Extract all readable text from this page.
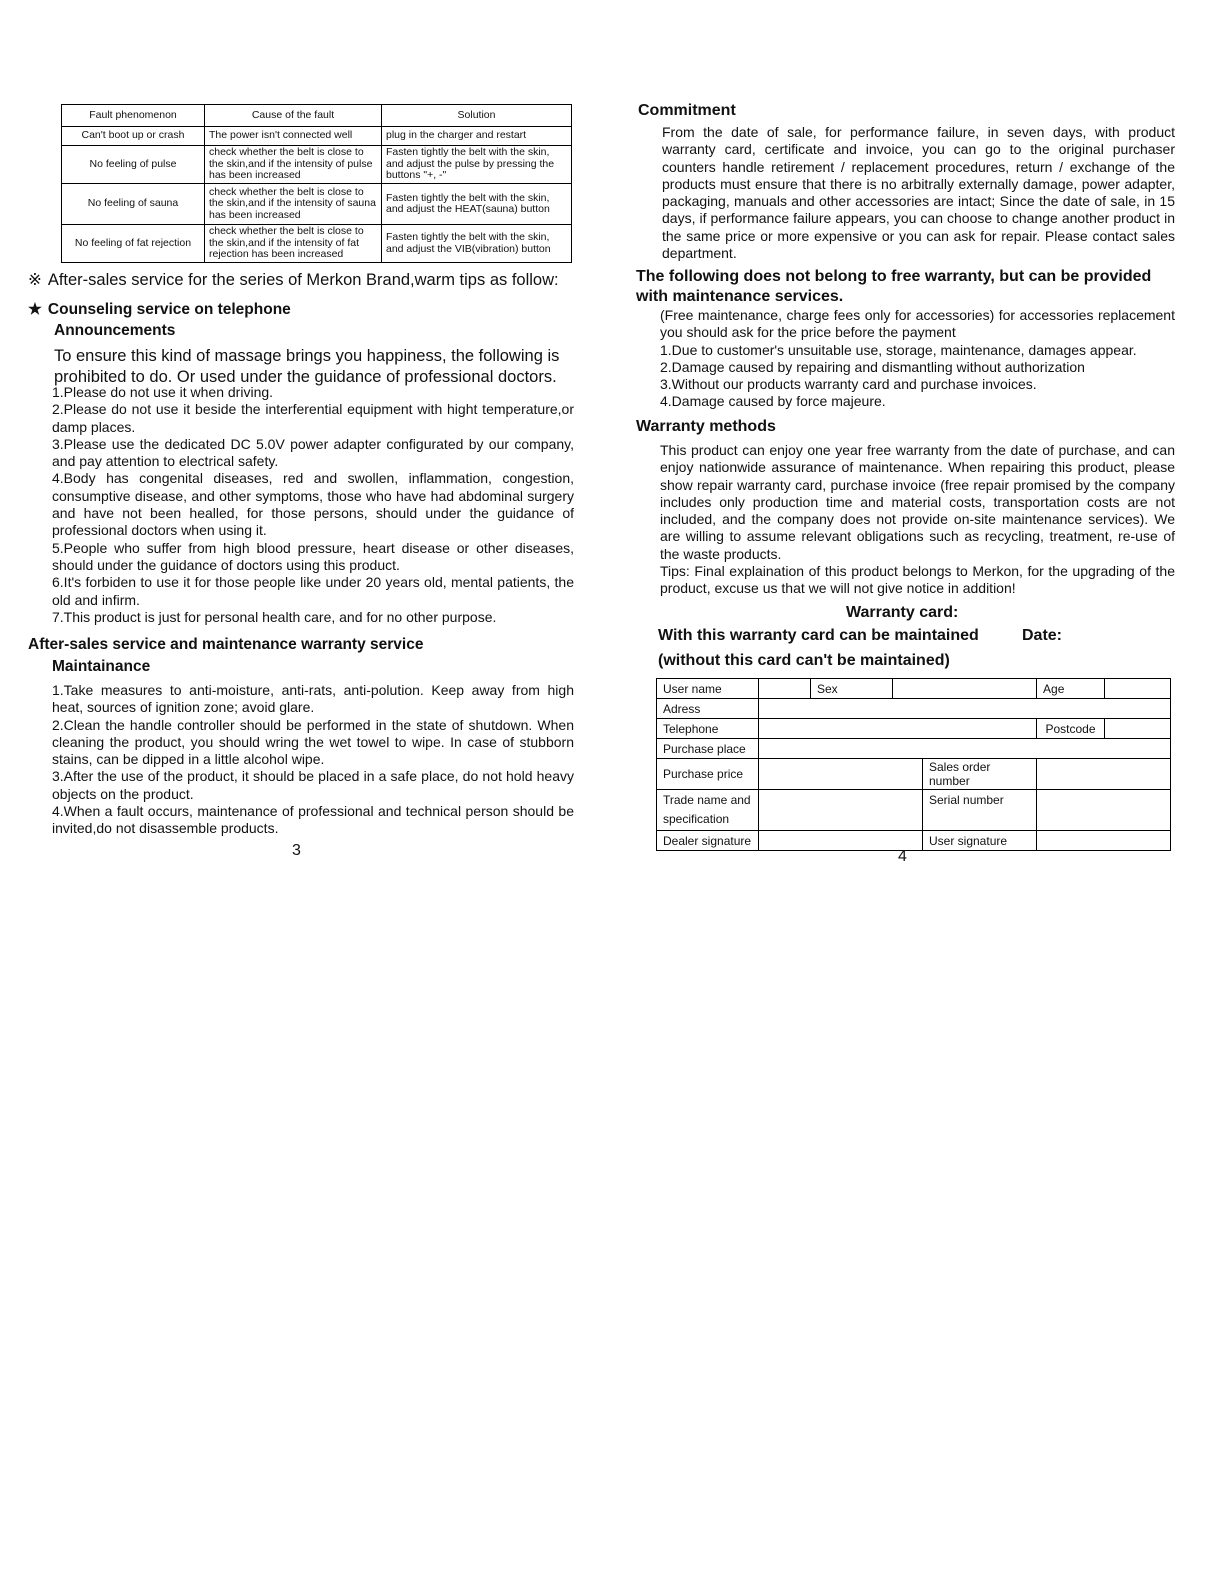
Fault phenomenon	Cause of the fault	Solution
Can't boot up or crash	The power isn't connected well	plug in the charger and restart
No feeling of pulse	check whether the belt is close to the skin,and if the intensity of pulse has been increased	Fasten tightly the belt with the skin, and adjust the pulse by pressing the buttons "+, -"
No feeling of sauna	check whether the belt is close to the skin,and if the intensity of sauna has been increased	Fasten tightly the belt with the skin, and adjust the HEAT(sauna) button
No feeling of fat rejection	check whether the belt is close to the skin,and if the intensity of fat rejection has been increased	Fasten tightly the belt with the skin, and adjust the VIB(vibration) button
※ After-sales service for the series of Merkon Brand,warm tips as follow:
★ Counseling service on telephone
Announcements
To ensure this kind of massage brings you happiness, the following is prohibited to do. Or used under the guidance of professional doctors.

1.Please do not use it when driving.

2.Please do not use it beside the interferential equipment with hight temperature,or damp places.

3.Please use the dedicated DC 5.0V power adapter configurated by our company, and pay attention to electrical safety.

4.Body has congenital diseases, red and swollen, inflammation, congestion, consumptive disease, and other symptoms, those who have had abdominal surgery and have not been healled, for those persons, should under the guidance of professional doctors when using it.

5.People who suffer from high blood pressure, heart disease or other diseases, should under the guidance of doctors using this product.

6.It's forbiden to use it for those people like under 20 years old, mental patients, the old and infirm.

7.This product is just for personal health care, and for no other purpose.

After-sales service and maintenance warranty service
Maintainance

1.Take measures to anti-moisture, anti-rats, anti-polution. Keep away from high heat, sources of ignition zone; avoid glare.

2.Clean the handle controller should be performed in the state of shutdown. When cleaning the product, you should wring the wet towel to wipe. In case of stubborn stains, can be dipped in a little alcohol wipe.

3.After the use of the product, it should be placed in a safe place, do not hold heavy objects on the product.

4.When a fault occurs, maintenance of professional and technical person should be invited,do not disassemble products.

3
Commitment
From the date of sale, for performance failure, in seven days, with product warranty card, certificate and invoice, you can go to the original purchaser counters handle retirement / replacement procedures, return / exchange of the products must ensure that there is no arbitrally externally damage, power adapter, packaging, manuals and other accessories are intact; Since the date of sale, in 15 days, if performance failure appears, you can choose to change another product in the same price or more expensive or you can ask for repair. Please contact sales department.
The following does not belong to free warranty, but can be provided with maintenance services.

(Free maintenance, charge fees only for accessories) for accessories replacement you should ask for the price before the payment

1.Due to customer's unsuitable use, storage, maintenance, damages appear.

2.Damage caused by repairing and dismantling without authorization

3.Without our products warranty card and purchase invoices.

4.Damage caused by force majeure.

Warranty methods

This product can enjoy one year free warranty from the date of purchase, and can enjoy nationwide assurance of maintenance. When repairing this product, please show repair warranty card, purchase invoice (free repair promised by the company includes only production time and material costs, transportation costs are not included, and the company does not provide on-site maintenance services). We are willing to assume relevant obligations such as recycling, treatment, re-use of the waste products.

Tips: Final explaination of this product belongs to Merkon, for the upgrading of the product, excuse us that we will not give notice in addition!

Warranty card:
With this warranty card can be maintained	Date:
(without this card can't be maintained)
User name		Sex			Age	
Adress						
Telephone					Postcode	
Purchase place						
Purchase price				Sales order number		
Trade name and specification				Serial number		
Dealer signature				User signature		
4
